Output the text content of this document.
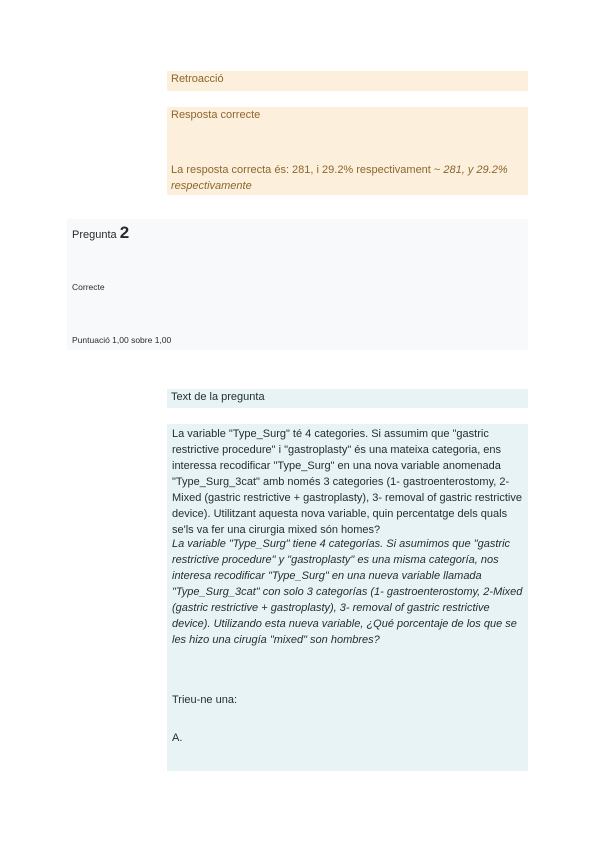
Retroacció
Resposta correcte
La resposta correcta és: 281, i 29.2% respectivament ~ 281, y 29.2% respectivamente
Pregunta 2
Correcte
Puntuació 1,00 sobre 1,00
Text de la pregunta
La variable "Type_Surg" té 4 categories. Si assumim que "gastric restrictive procedure" i "gastroplasty" és una mateixa categoria, ens interessa recodificar "Type_Surg" en una nova variable anomenada "Type_Surg_3cat" amb només 3 categories (1- gastroenterostomy, 2-Mixed (gastric restrictive + gastroplasty), 3- removal of gastric restrictive device). Utilitzant aquesta nova variable, quin percentatge dels quals se'ls va fer una cirurgia mixed són homes?
La variable "Type_Surg" tiene 4 categorías. Si asumimos que "gastric restrictive procedure" y "gastroplasty" es una misma categoría, nos interesa recodificar "Type_Surg" en una nueva variable llamada "Type_Surg_3cat" con solo 3 categorías (1- gastroenterostomy, 2-Mixed (gastric restrictive + gastroplasty), 3- removal of gastric restrictive device). Utilizando esta nueva variable, ¿Qué porcentaje de los que se les hizo una cirugía "mixed" son hombres?
Trieu-ne una:
A.
